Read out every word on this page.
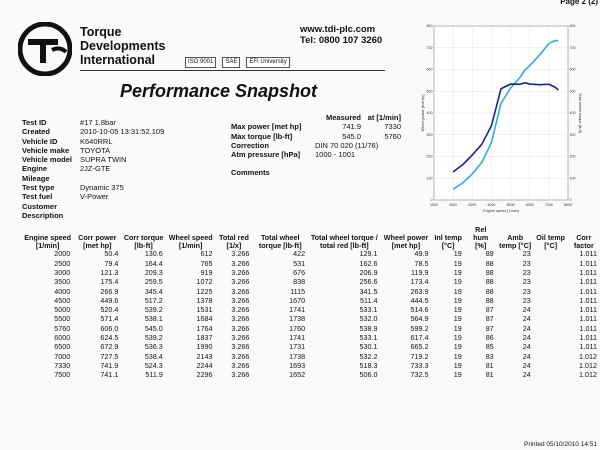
Page 2 (2)
Torque
Developments
International
www.tdi-plc.com
Tel: 0800 107 3260
ISO 9001	SAE	EFI University
Performance Snapshot
Test ID	#17 1.8bar
Created	2010-10-05 13:31:52.109
Vehicle ID	K640RRL
Vehicle make	TOYOTA
Vehicle model	SUPRA TWIN
Engine	2JZ-GTE
Mileage
Test type	Dynamic 375
Test fuel	V-Power
Customer
Description
Measured at [1/min]
Max power [met hp]	741.9	7330
Max torque [lb-ft]	545.0	5760
Correction	DIN 70 020 (11/76)
Atm pressure [hPa]	1000 - 1001
Comments
1000	2000	3000	4000	5000	6000	7000	8000
0
100
200
300
400
500
600
700
800
0
100
200
300
400
500
600
700
800
Engine speed [1/min]
Wheel power [met hp]	Total wheel torque [lb-ft]
Engine speed [1/min]	Corr power [met hp]	Corr torque [lb-ft]	Wheel speed [1/min]	Total red [1/x]	Total wheel torque [lb-ft]	Total wheel torque / total red [lb-ft]	Wheel power [met hp]	Inl temp [°C]	Rel hum [%]	Amb temp [°C]	Oil temp [°C]	Corr factor
2000	50.4	130.6	612	3.266	422	129.1	49.9	19	89	23		1.011
2500	79.4	164.4	765	3.266	531	162.6	78.5	19	88	23		1.011
3000	121.3	209.3	919	3.266	676	206.9	119.9	19	88	23		1.011
3500	175.4	259.5	1072	3.266	838	256.6	173.4	19	88	23		1.011
4000	266.9	345.4	1225	3.266	1115	341.5	263.9	19	88	23		1.011
4500	449.6	517.2	1378	3.266	1670	511.4	444.5	19	88	23		1.011
5000	520.4	539.2	1531	3.266	1741	533.1	514.6	19	87	24		1.011
5500	571.4	538.1	1684	3.266	1738	532.0	564.9	19	87	24		1.011
5760	606.0	545.0	1764	3.266	1760	538.9	599.2	19	87	24		1.011
6000	624.5	539.2	1837	3.266	1741	533.1	617.4	19	86	24		1.011
6500	672.9	536.3	1990	3.266	1731	530.1	665.2	19	85	24		1.011
7000	727.5	538.4	2143	3.266	1738	532.2	719.2	19	83	24		1.012
7330	741.9	524.3	2244	3.266	1693	518.3	733.3	19	81	24		1.012
7500	741.1	511.9	2296	3.266	1652	506.0	732.5	19	81	24		1.012
Printed 05/10/2010 14:51
